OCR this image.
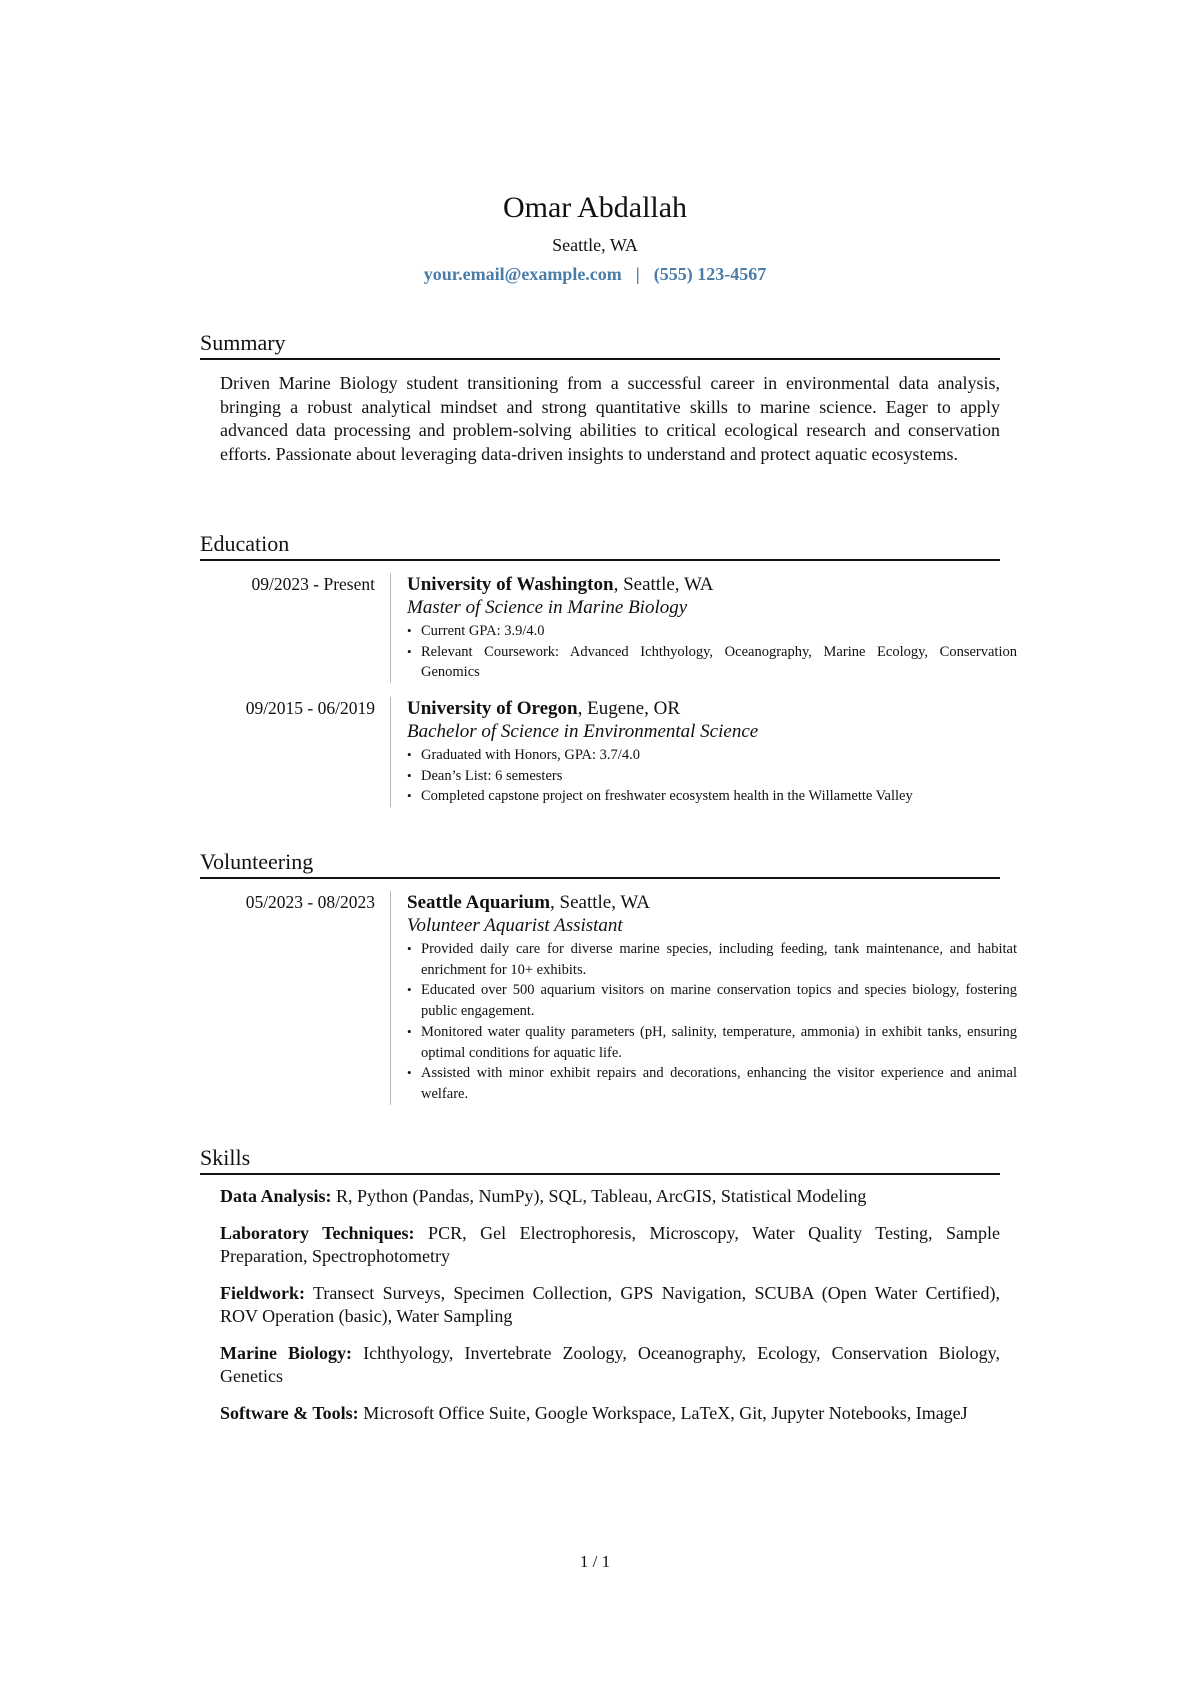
Omar Abdallah
Seattle, WA
your.email@example.com | (555) 123-4567
Summary

Driven Marine Biology student transitioning from a successful career in environmental data analysis, bringing a robust analytical mindset and strong quantitative skills to marine science. Eager to apply advanced data processing and problem-solving abilities to critical ecological research and conservation efforts. Passionate about leveraging data-driven insights to understand and protect aquatic ecosystems.

Education
09/2023 - Present University of Washington, Seattle, WA
Master of Science in Marine Biology
• Current GPA: 3.9/4.0
• Relevant Coursework: Advanced Ichthyology, Oceanography, Marine Ecology, Conservation Genomics
09/2015 - 06/2019 University of Oregon, Eugene, OR
Bachelor of Science in Environmental Science
• Graduated with Honors, GPA: 3.7/4.0
• Dean’s List: 6 semesters
• Completed capstone project on freshwater ecosystem health in the Willamette Valley
Volunteering
05/2023 - 08/2023 Seattle Aquarium, Seattle, WA
Volunteer Aquarist Assistant
• Provided daily care for diverse marine species, including feeding, tank maintenance, and habitat enrichment for 10+ exhibits.
• Educated over 500 aquarium visitors on marine conservation topics and species biology, fostering public engagement.
• Monitored water quality parameters (pH, salinity, temperature, ammonia) in exhibit tanks, ensuring optimal conditions for aquatic life.
• Assisted with minor exhibit repairs and decorations, enhancing the visitor experience and animal welfare.
Skills

Data Analysis: R, Python (Pandas, NumPy), SQL, Tableau, ArcGIS, Statistical Modeling

Laboratory Techniques: PCR, Gel Electrophoresis, Microscopy, Water Quality Testing, Sample Preparation, Spectrophotometry

Fieldwork: Transect Surveys, Specimen Collection, GPS Navigation, SCUBA (Open Water Certified), ROV Operation (basic), Water Sampling

Marine Biology: Ichthyology, Invertebrate Zoology, Oceanography, Ecology, Conservation Biology, Genetics

Software & Tools: Microsoft Office Suite, Google Workspace, LaTeX, Git, Jupyter Notebooks, ImageJ

1 / 1
